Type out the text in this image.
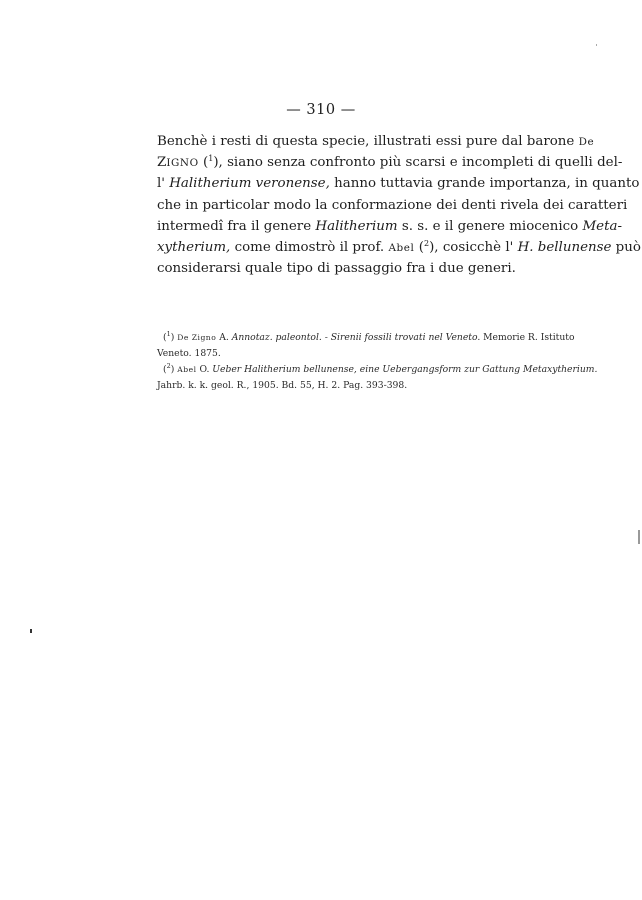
— 310 —
Benchè i resti di questa specie, illustrati essi pure dal barone De
ZIGNO ($^1$), siano senza confronto più scarsi e incompleti di quelli del-
l' Halitherium veronense, hanno tuttavia grande importanza, in quanto
che in particolar modo la conformazione dei denti rivela dei caratteri
intermedî fra il genere Halitherium s. s. e il genere miocenico Meta-
xytherium, come dimostrò il prof. Abel ($^2$), cosicchè l' H. bellunense può
considerarsi quale tipo di passaggio fra i due generi.
($^1$) De Zigno A. Annotaz. paleontol. - Sirenii fossili trovati nel Veneto. Memorie R. Istituto
Veneto. 1875.
($^2$) Abel O. Ueber Halitherium bellunense, eine Uebergangsform zur Gattung Metaxytherium.
Jahrb. k. k. geol. R., 1905. Bd. 55, H. 2. Pag. 393-398.
